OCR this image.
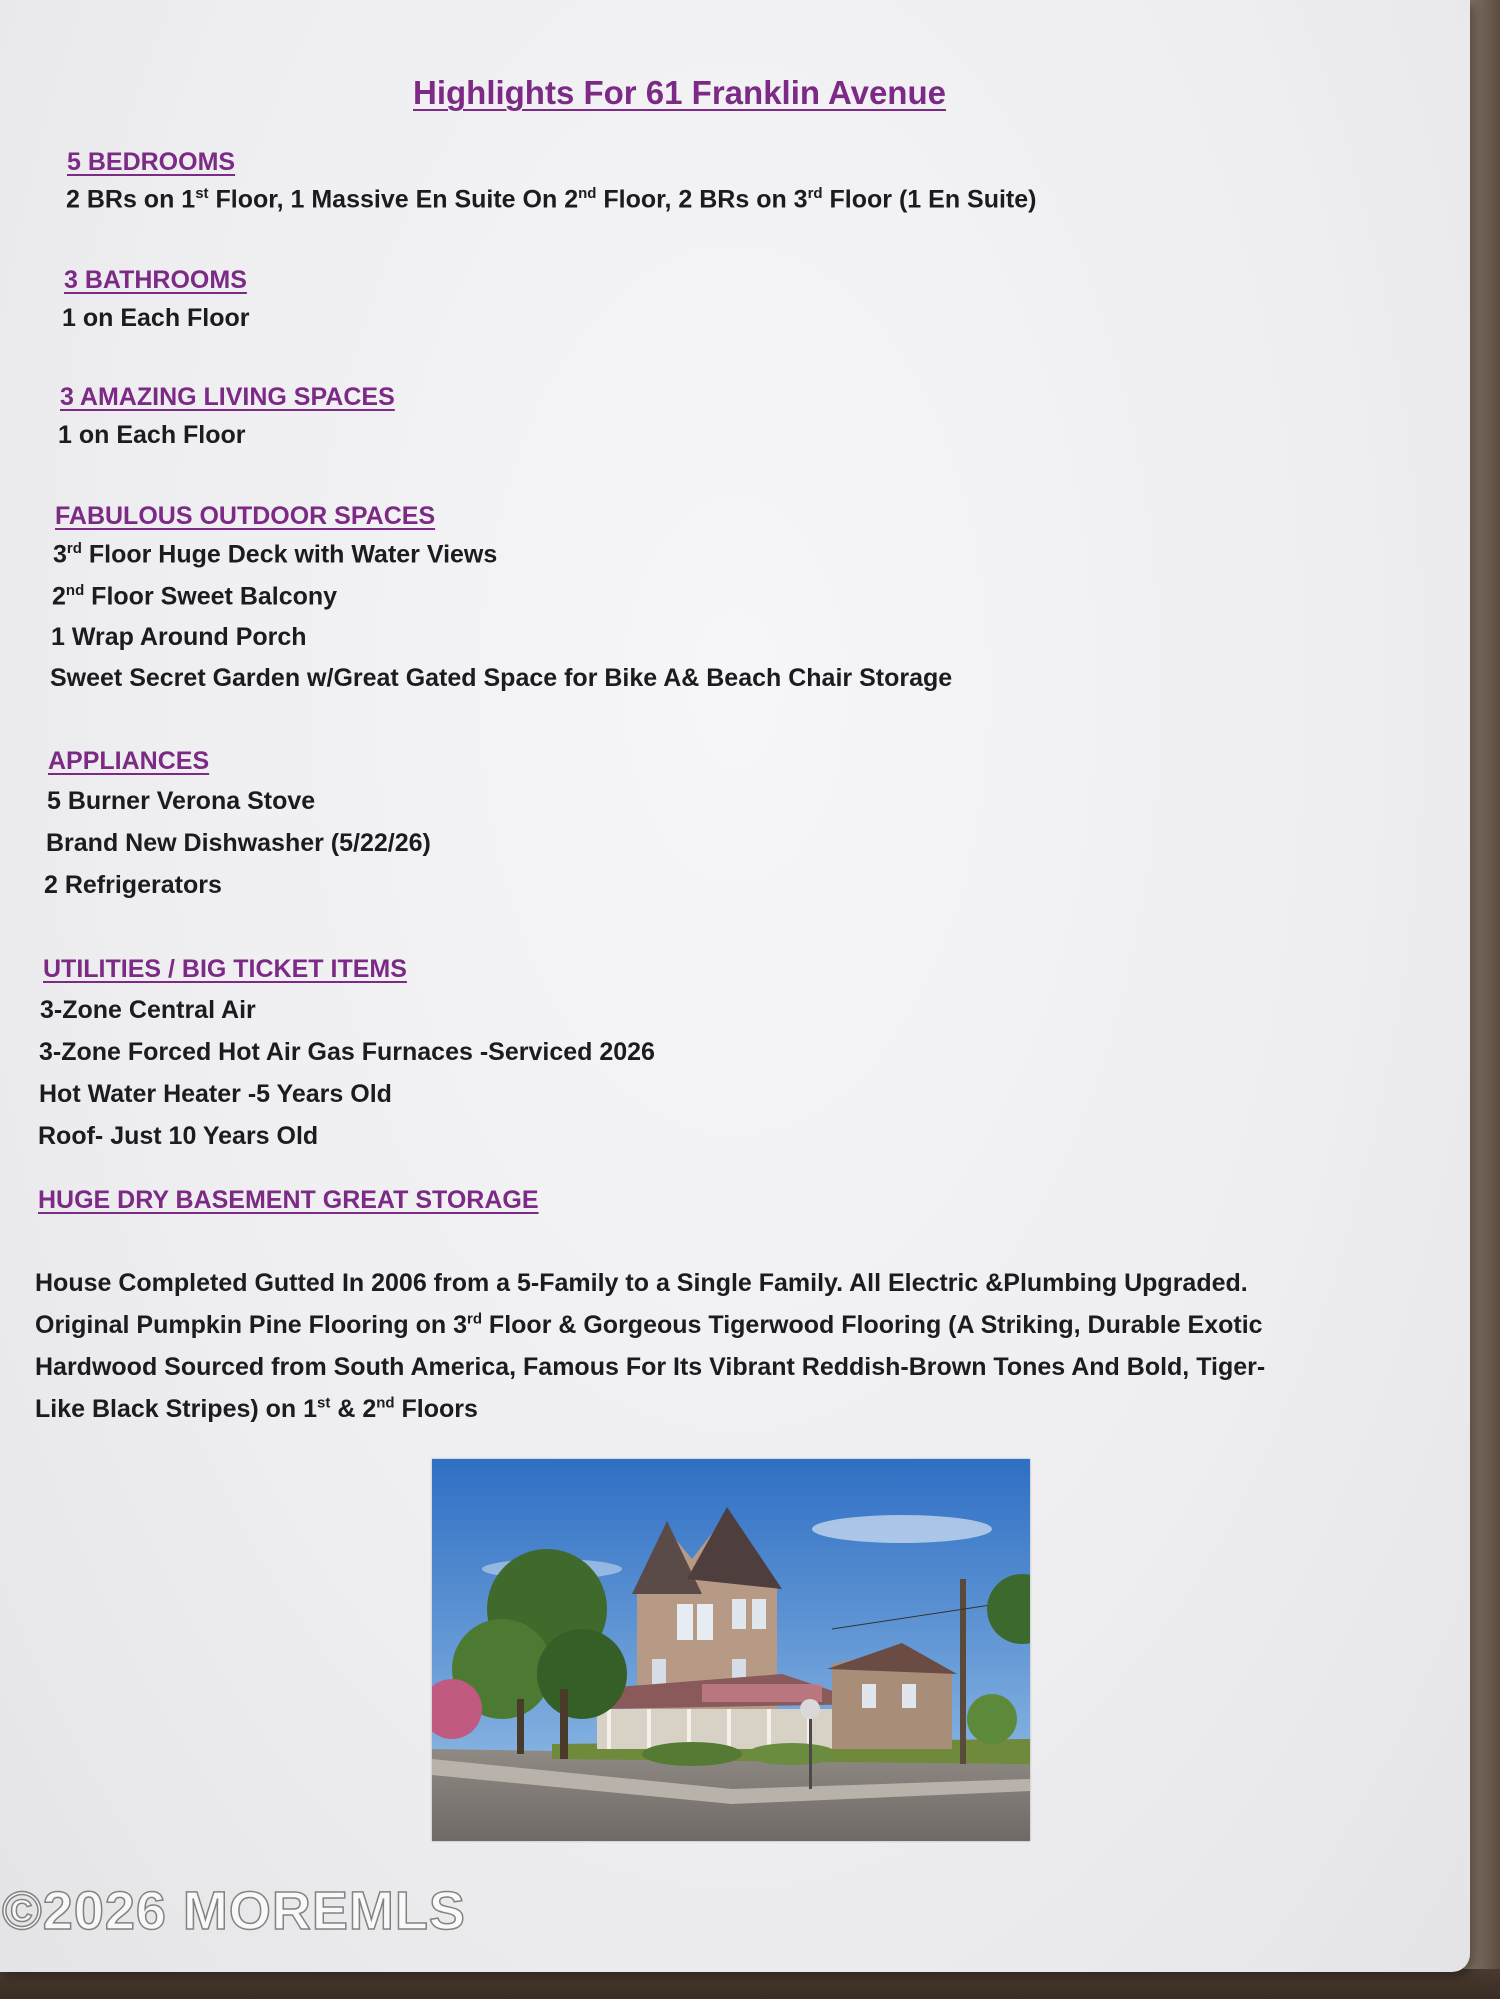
Highlights For 61 Franklin Avenue
5 BEDROOMS
2 BRs on 1st Floor, 1 Massive En Suite On 2nd Floor, 2 BRs on 3rd Floor (1 En Suite)
3 BATHROOMS
1 on Each Floor
3 AMAZING LIVING SPACES
1 on Each Floor
FABULOUS OUTDOOR SPACES
3rd Floor Huge Deck with Water Views
2nd Floor Sweet Balcony
1 Wrap Around Porch
Sweet Secret Garden w/Great Gated Space for Bike A& Beach Chair Storage
APPLIANCES
5 Burner Verona Stove
Brand New Dishwasher (5/22/26)
2 Refrigerators
UTILITIES / BIG TICKET ITEMS
3-Zone Central Air
3-Zone Forced Hot Air Gas Furnaces -Serviced 2026
Hot Water Heater -5 Years Old
Roof- Just 10 Years Old
HUGE DRY BASEMENT GREAT STORAGE
House Completed Gutted In 2006 from a 5-Family to a Single Family. All Electric &Plumbing Upgraded.
Original Pumpkin Pine Flooring on 3rd Floor & Gorgeous Tigerwood Flooring (A Striking, Durable Exotic
Hardwood Sourced from South America, Famous For Its Vibrant Reddish-Brown Tones And Bold, Tiger-
Like Black Stripes) on 1st & 2nd Floors
©2026 MOREMLS
